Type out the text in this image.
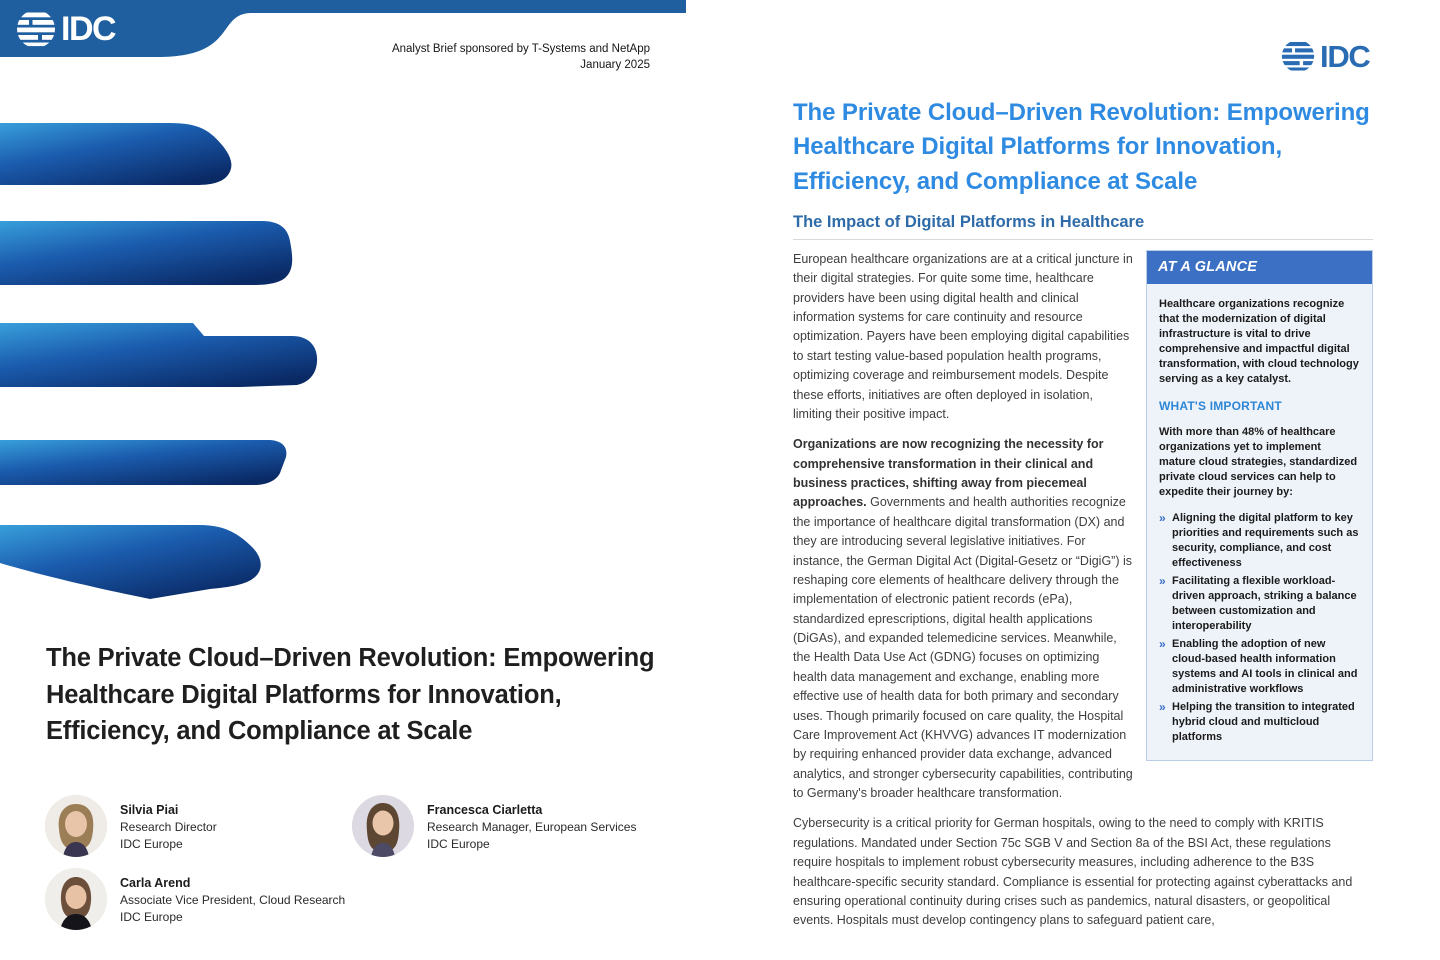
IDC
Analyst Brief sponsored by T-Systems and NetApp
January 2025
The Private Cloud–Driven Revolution: Empowering Healthcare Digital Platforms for Innovation, Efficiency, and Compliance at Scale
Silvia Piai
Research Director
IDC Europe
Francesca Ciarletta
Research Manager, European Services
IDC Europe
Carla Arend
Associate Vice President, Cloud Research
IDC Europe
IDC
The Private Cloud–Driven Revolution: Empowering Healthcare Digital Platforms for Innovation, Efficiency, and Compliance at Scale
The Impact of Digital Platforms in Healthcare
AT A GLANCE

Healthcare organizations recognize that the modernization of digital infrastructure is vital to drive comprehensive and impactful digital transformation, with cloud technology serving as a key catalyst.

WHAT'S IMPORTANT

With more than 48% of healthcare organizations yet to implement mature cloud strategies, standardized private cloud services can help to expedite their journey by:

» Aligning the digital platform to key priorities and requirements such as security, compliance, and cost effectiveness
» Facilitating a flexible workload-driven approach, striking a balance between customization and interoperability
» Enabling the adoption of new cloud-based health information systems and AI tools in clinical and administrative workflows
» Helping the transition to integrated hybrid cloud and multicloud platforms

European healthcare organizations are at a critical juncture in their digital strategies. For quite some time, healthcare providers have been using digital health and clinical information systems for care continuity and resource optimization. Payers have been employing digital capabilities to start testing value-based population health programs, optimizing coverage and reimbursement models. Despite these efforts, initiatives are often deployed in isolation, limiting their positive impact.

Organizations are now recognizing the necessity for comprehensive transformation in their clinical and business practices, shifting away from piecemeal approaches. Governments and health authorities recognize the importance of healthcare digital transformation (DX) and they are introducing several legislative initiatives. For instance, the German Digital Act (Digital-Gesetz or “DigiG”) is reshaping core elements of healthcare delivery through the implementation of electronic patient records (ePa), standardized eprescriptions, digital health applications (DiGAs), and expanded telemedicine services. Meanwhile, the Health Data Use Act (GDNG) focuses on optimizing health data management and exchange, enabling more effective use of health data for both primary and secondary uses. Though primarily focused on care quality, the Hospital Care Improvement Act (KHVVG) advances IT modernization by requiring enhanced provider data exchange, advanced analytics, and stronger cybersecurity capabilities, contributing to Germany's broader healthcare transformation.

Cybersecurity is a critical priority for German hospitals, owing to the need to comply with KRITIS regulations. Mandated under Section 75c SGB V and Section 8a of the BSI Act, these regulations require hospitals to implement robust cybersecurity measures, including adherence to the B3S healthcare-specific security standard. Compliance is essential for protecting against cyberattacks and ensuring operational continuity during crises such as pandemics, natural disasters, or geopolitical events. Hospitals must develop contingency plans to safeguard patient care,
